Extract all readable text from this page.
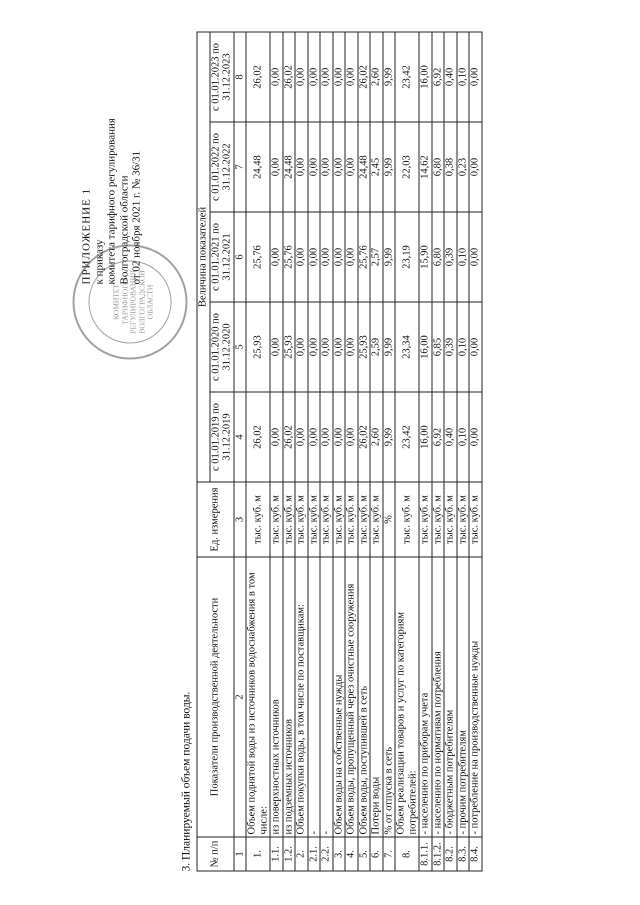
ПРИЛОЖЕНИЕ 1 к приказу комитета тарифного регулирования Волгоградской области от 02 ноября 2021 г. № 36/31
КОМИТЕТ ТАРИФНОГО РЕГУЛИРОВАНИЯ ВОЛГОГРАДСКОЙ ОБЛАСТИ
3. Планируемый объем подачи воды. № п/п	Показатели производственной деятельности	Ед. измерения	Величина показателей				
			с 01.01.2019 по 31.12.2019	с 01.01.2020 по 31.12.2020	с 01.01.2021 по 31.12.2021	с 01.01.2022 по 31.12.2022	с 01.01.2023 по 31.12.2023
1	2	3	4	5	6	7	8
1.	Объем поднятой воды из источников водоснабжения в том числе:	тыс. куб. м	26,02	25,93	25,76	24,48	26,02
1.1.	из поверхностных источников	тыс. куб. м	0,00	0,00	0,00	0,00	0,00
1.2.	из подземных источников	тыс. куб. м	26,02	25,93	25,76	24,48	26,02
2.	Объем покупки воды, в том числе по поставщикам:	тыс. куб. м	0,00	0,00	0,00	0,00	0,00
2.1.	-	тыс. куб. м	0,00	0,00	0,00	0,00	0,00
2.2.	-	тыс. куб. м	0,00	0,00	0,00	0,00	0,00
3.	Объем воды на собственные нужды	тыс. куб. м	0,00	0,00	0,00	0,00	0,00
4.	Объем воды, пропущенный через очистные сооружения	тыс. куб. м	0,00	0,00	0,00	0,00	0,00
5.	Объем воды, поступившей в сеть	тыс. куб. м	26,02	25,93	25,76	24,48	26,02
6.	Потери воды	тыс. куб. м	2,60	2,59	2,57	2,45	2,60
7.	% от отпуска в сеть	%	9,99	9,99	9,99	9,99	9,99
8.	Объем реализации товаров и услуг по категориям потребителей:	тыс. куб. м	23,42	23,34	23,19	22,03	23,42
8.1.1.	- населению по приборам учета	тыс. куб. м	16,00	16,00	15,90	14,62	16,00
8.1.2.	- населению по нормативам потребления	тыс. куб. м	6,92	6,85	6,80	6,80	6,92
8.2.	- бюджетным потребителям	тыс. куб. м	0,40	0,39	0,39	0,38	0,40
8.3.	- прочим потребителям	тыс. куб. м	0,10	0,10	0,10	0,23	0,10
8.4.	- потребление на производственные нужды	тыс. куб. м	0,00	0,00	0,00	0,00	0,00
